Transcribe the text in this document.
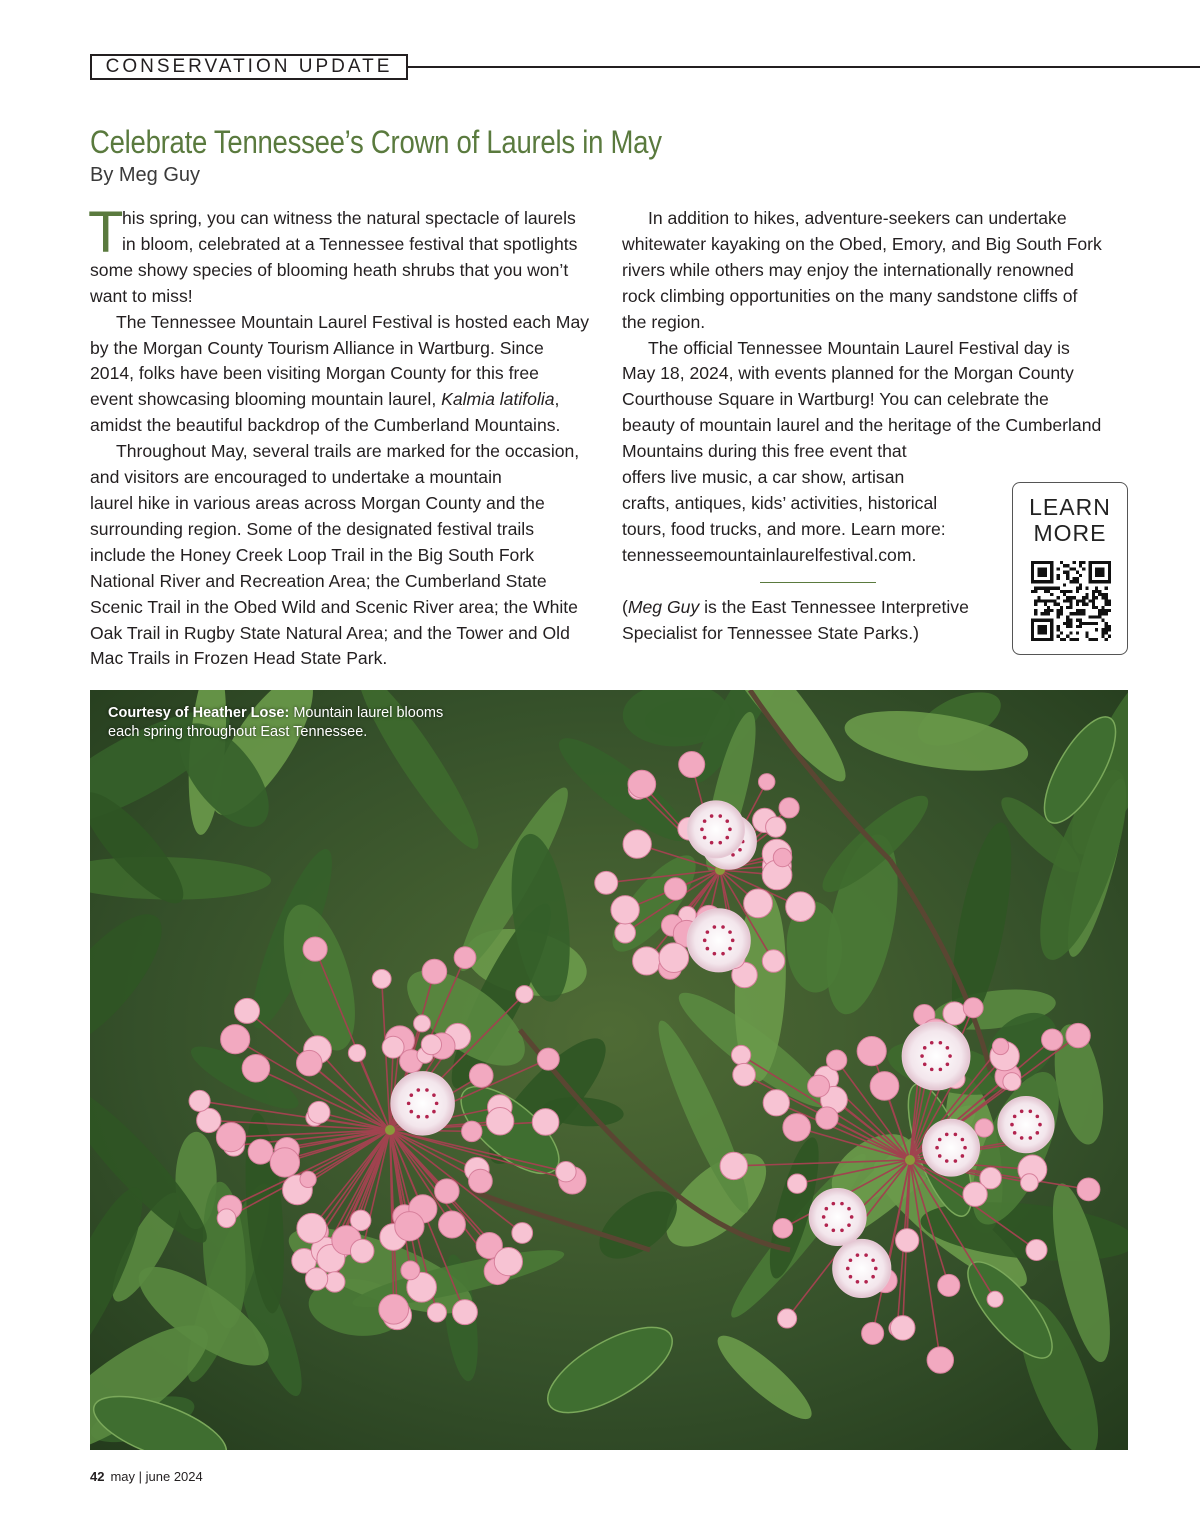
CONSERVATION UPDATE
Celebrate Tennessee’s Crown of Laurels in May
By Meg Guy
T

his spring, you can witness the natural spectacle of laurels

in bloom, celebrated at a Tennessee festival that spotlights

some showy species of blooming heath shrubs that you won’t

want to miss!

The Tennessee Mountain Laurel Festival is hosted each May

by the Morgan County Tourism Alliance in Wartburg. Since

2014, folks have been visiting Morgan County for this free

event showcasing blooming mountain laurel, Kalmia latifolia,

amidst the beautiful backdrop of the Cumberland Mountains.

Throughout May, several trails are marked for the occasion,

and visitors are encouraged to undertake a mountain

laurel hike in various areas across Morgan County and the

surrounding region. Some of the designated festival trails

include the Honey Creek Loop Trail in the Big South Fork

National River and Recreation Area; the Cumberland State

Scenic Trail in the Obed Wild and Scenic River area; the White

Oak Trail in Rugby State Natural Area; and the Tower and Old

Mac Trails in Frozen Head State Park.

In addition to hikes, adventure-seekers can undertake

whitewater kayaking on the Obed, Emory, and Big South Fork

rivers while others may enjoy the internationally renowned

rock climbing opportunities on the many sandstone cliffs of

the region.

The official Tennessee Mountain Laurel Festival day is

May 18, 2024, with events planned for the Morgan County

Courthouse Square in Wartburg! You can celebrate the

beauty of mountain laurel and the heritage of the Cumberland

Mountains during this free event that

offers live music, a car show, artisan

crafts, antiques, kids’ activities, historical

tours, food trucks, and more. Learn more:

tennesseemountainlaurelfestival.com.

(Meg Guy is the East Tennessee Interpretive

Specialist for Tennessee State Parks.)

LEARN
MORE
Courtesy of Heather Lose: Mountain laurel blooms
each spring throughout East Tennessee.
42 may | june 2024
